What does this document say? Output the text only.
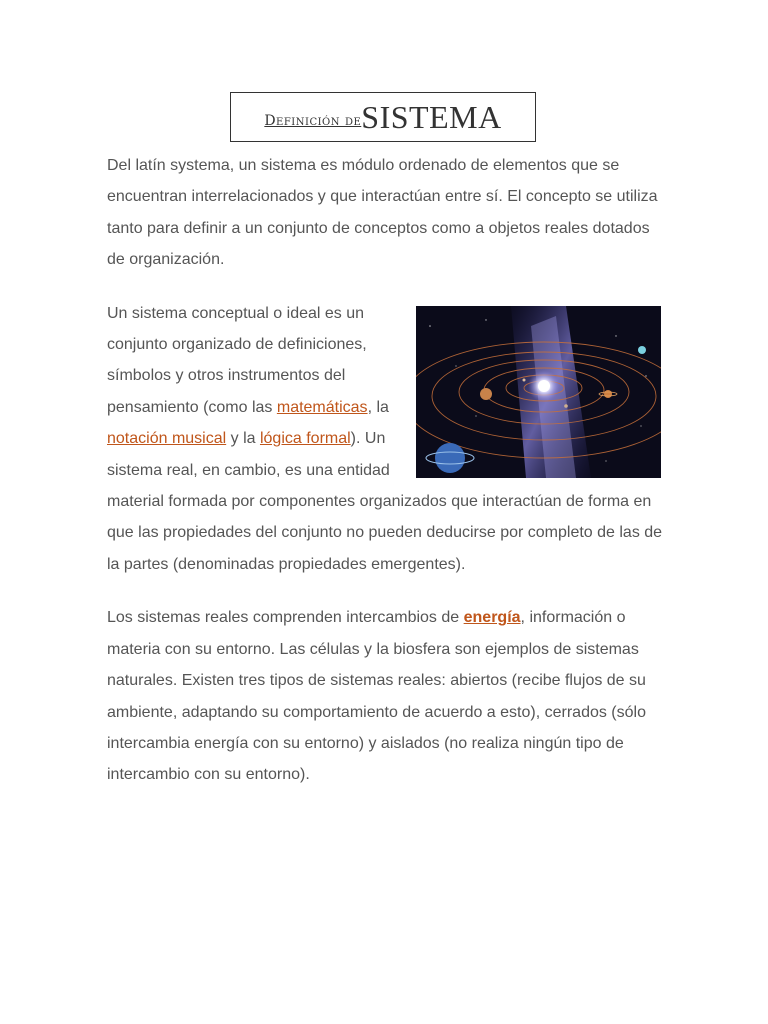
Definición de SISTEMA

Del latín systema, un sistema es módulo ordenado de elementos que se encuentran interrelacionados y que interactúan entre sí. El concepto se utiliza tanto para definir a un conjunto de conceptos como a objetos reales dotados de organización.

Un sistema conceptual o ideal es un conjunto organizado de definiciones, símbolos y otros instrumentos del pensamiento (como las matemáticas, la notación musical y la lógica formal). Un sistema real, en cambio, es una entidad material formada por componentes organizados que interactúan de forma en que las propiedades del conjunto no pueden deducirse por completo de las de la partes (denominadas propiedades emergentes).

Los sistemas reales comprenden intercambios de energía, información o materia con su entorno. Las células y la biosfera son ejemplos de sistemas naturales. Existen tres tipos de sistemas reales: abiertos (recibe flujos de su ambiente, adaptando su comportamiento de acuerdo a esto), cerrados (sólo intercambia energía con su entorno) y aislados (no realiza ningún tipo de intercambio con su entorno).
